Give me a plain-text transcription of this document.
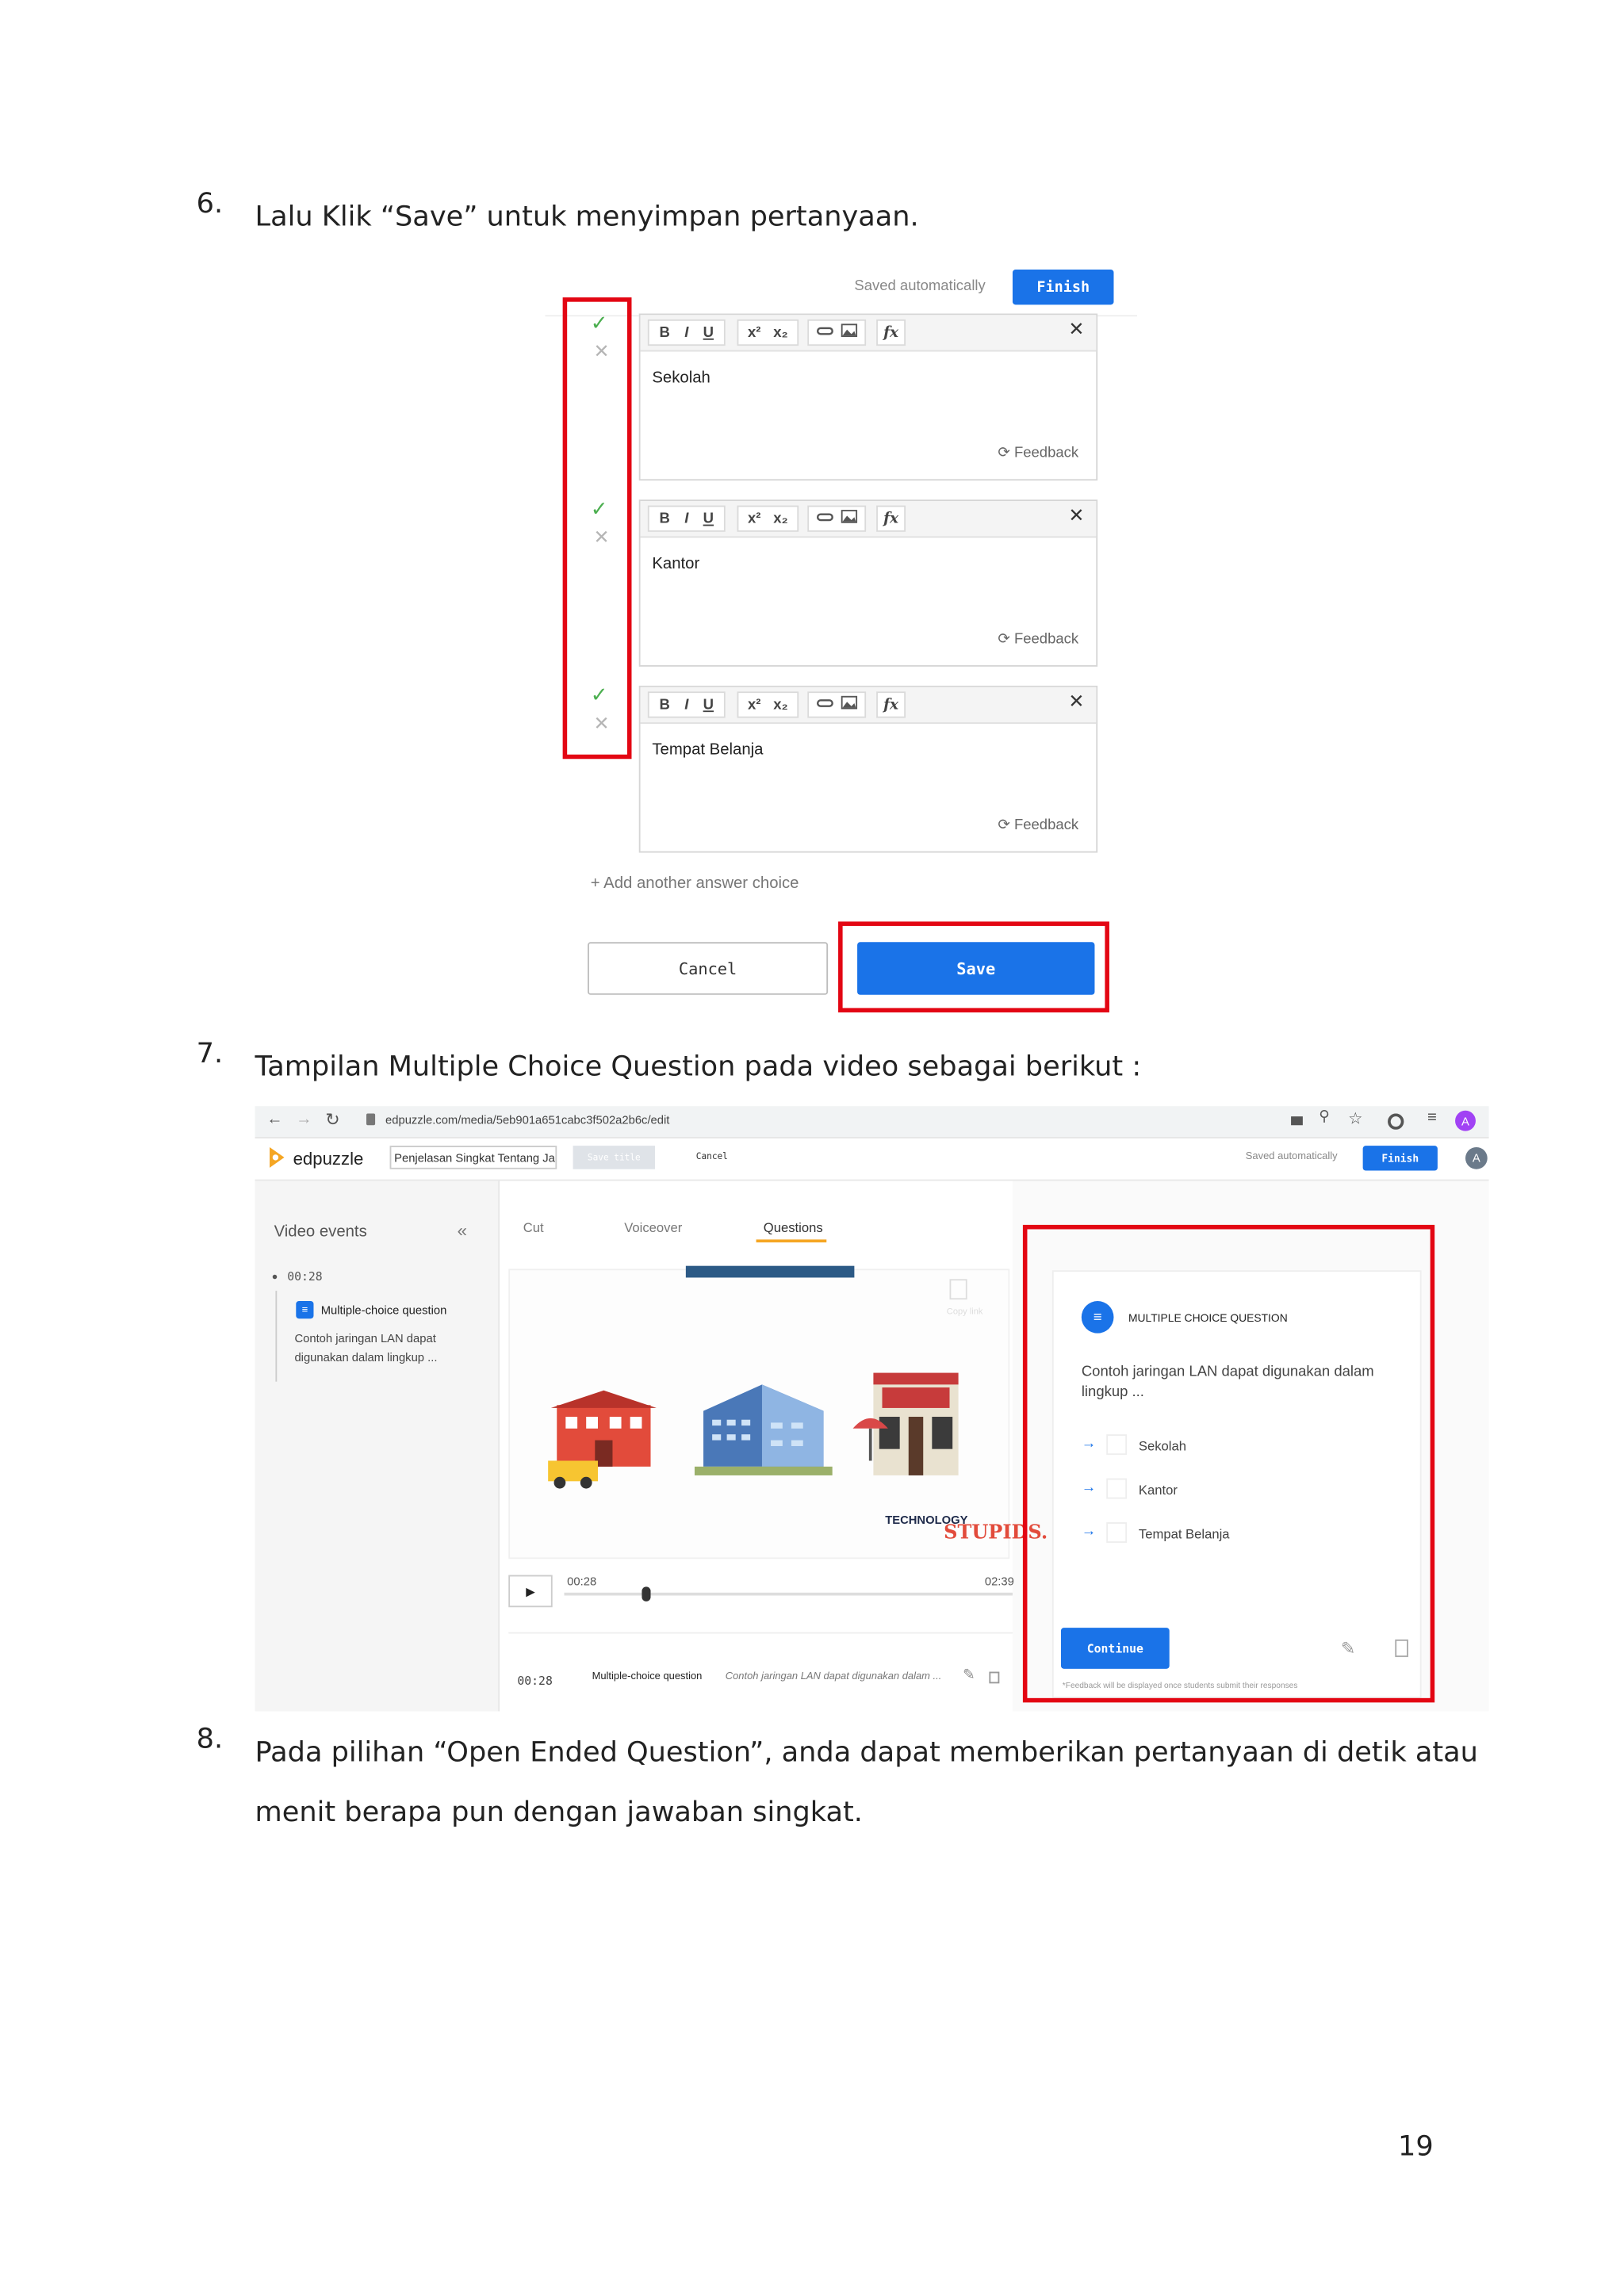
6. Lalu Klik “Save” untuk menyimpan pertanyaan.
Saved automatically	Finish
✓
✕
✓
✕
✓
✕
B I U	x² x₂	fx	✕
Sekolah
⟳ Feedback
B I U	x² x₂	fx	✕
Kantor
⟳ Feedback
B I U	x² x₂	fx	✕
Tempat Belanja
⟳ Feedback
+ Add another answer choice
Cancel	Save
7. Tampilan Multiple Choice Question pada video sebagai berikut :
← → ↻	edpuzzle.com/media/5eb901a651cabc3f502a2b6c/edit	⚲ ☆	≡	A
edpuzzle	Penjelasan Singkat Tentang Ja	Save title	Cancel	Saved automatically	Finish	A
Video events	«
00:28
≡	Multiple-choice question
Contoh jaringan LAN dapat
digunakan dalam lingkup ...
Cut	Voiceover	Questions
Copy link
TECHNOLOGY
STUPIDS.
▶
00:28	02:39
00:28	Multiple-choice question	Contoh jaringan LAN dapat digunakan dalam ...	✎
≡	MULTIPLE CHOICE QUESTION
Contoh jaringan LAN dapat digunakan dalam
lingkup ...
→	Sekolah
→	Kantor
→	Tempat Belanja
Continue	✎
*Feedback will be displayed once students submit their responses
8. Pada pilihan “Open Ended Question”, anda dapat memberikan pertanyaan di detik atau
menit berapa pun dengan jawaban singkat.
19
